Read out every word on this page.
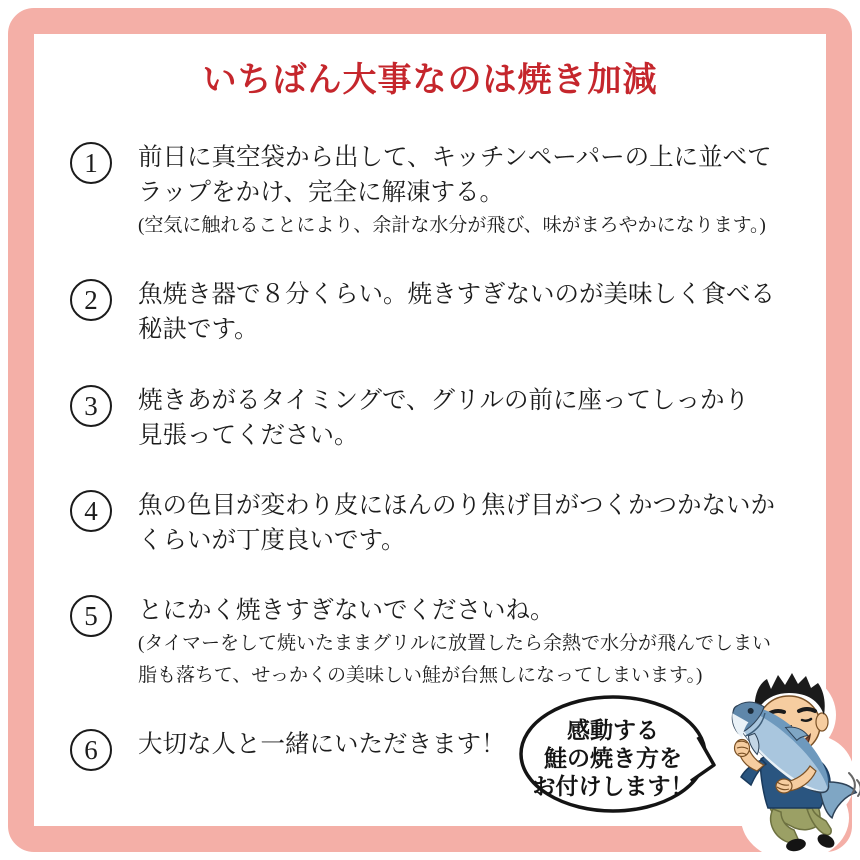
いちばん大事なのは焼き加減
1	前日に真空袋から出して、キッチンペーパーの上に並べて
ラップをかけ、完全に解凍する。
(空気に触れることにより、余計な水分が飛び、味がまろやかになります。)
2	魚焼き器で８分くらい。焼きすぎないのが美味しく食べる
秘訣です。
3	焼きあがるタイミングで、グリルの前に座ってしっかり
見張ってください。
4	魚の色目が変わり皮にほんのり焦げ目がつくかつかないか
くらいが丁度良いです。
5	とにかく焼きすぎないでくださいね。
(タイマーをして焼いたままグリルに放置したら余熱で水分が飛んでしまい
脂も落ちて、せっかくの美味しい鮭が台無しになってしまいます。)
6	大切な人と一緒にいただきます！
感動する
鮭の焼き方を
お付けします！
